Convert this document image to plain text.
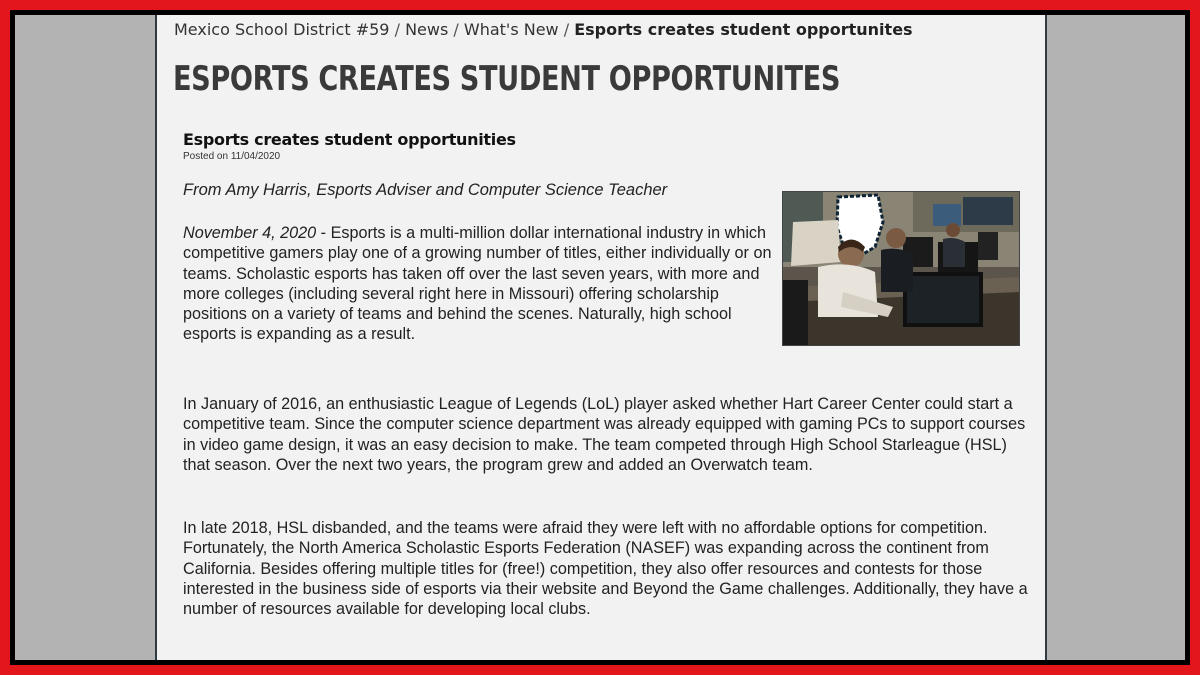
Mexico School District #59 / News / What's New / Esports creates student opportunites
ESPORTS CREATES STUDENT OPPORTUNITES
Esports creates student opportunities
Posted on 11/04/2020
From Amy Harris, Esports Adviser and Computer Science Teacher

November 4, 2020 - Esports is a multi-million dollar international industry in which competitive gamers play one of a growing number of titles, either individually or on teams. Scholastic esports has taken off over the last seven years, with more and more colleges (including several right here in Missouri) offering scholarship positions on a variety of teams and behind the scenes. Naturally, high school esports is expanding as a result.

In January of 2016, an enthusiastic League of Legends (LoL) player asked whether Hart Career Center could start a competitive team. Since the computer science department was already equipped with gaming PCs to support courses in video game design, it was an easy decision to make. The team competed through High School Starleague (HSL) that season. Over the next two years, the program grew and added an Overwatch team.

In late 2018, HSL disbanded, and the teams were afraid they were left with no affordable options for competition. Fortunately, the North America Scholastic Esports Federation (NASEF) was expanding across the continent from California. Besides offering multiple titles for (free!) competition, they also offer resources and contests for those interested in the business side of esports via their website and Beyond the Game challenges. Additionally, they have a number of resources available for developing local clubs.
